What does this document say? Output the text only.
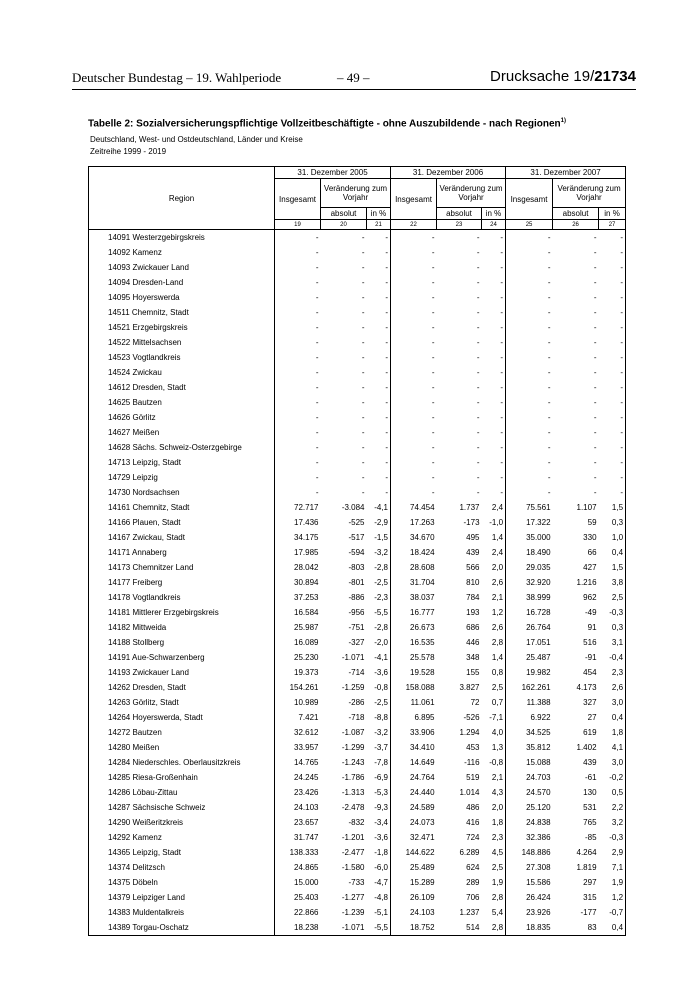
Deutscher Bundestag – 19. Wahlperiode	– 49 –	Drucksache 19/21734
Tabelle 2: Sozialversicherungspflichtige Vollzeitbeschäftigte - ohne Auszubildende - nach Regionen$^{1)}$
Deutschland, West- und Ostdeutschland, Länder und Kreise
Zeitreihe 1999 - 2019
Region	31. Dezember 2005			31. Dezember 2006			31. Dezember 2007		
	Insgesamt	Veränderung zum Vorjahr		Insgesamt	Veränderung zum Vorjahr		Insgesamt	Veränderung zum Vorjahr	
		absolut	in %		absolut	in %		absolut	in %
	19	20	21	22	23	24	25	26	27
14091 Westerzgebirgskreis	-	-	-	-	-	-	-	-	-
14092 Kamenz	-	-	-	-	-	-	-	-	-
14093 Zwickauer Land	-	-	-	-	-	-	-	-	-
14094 Dresden-Land	-	-	-	-	-	-	-	-	-
14095 Hoyerswerda	-	-	-	-	-	-	-	-	-
14511 Chemnitz, Stadt	-	-	-	-	-	-	-	-	-
14521 Erzgebirgskreis	-	-	-	-	-	-	-	-	-
14522 Mittelsachsen	-	-	-	-	-	-	-	-	-
14523 Vogtlandkreis	-	-	-	-	-	-	-	-	-
14524 Zwickau	-	-	-	-	-	-	-	-	-
14612 Dresden, Stadt	-	-	-	-	-	-	-	-	-
14625 Bautzen	-	-	-	-	-	-	-	-	-
14626 Görlitz	-	-	-	-	-	-	-	-	-
14627 Meißen	-	-	-	-	-	-	-	-	-
14628 Sächs. Schweiz-Osterzgebirge	-	-	-	-	-	-	-	-	-
14713 Leipzig, Stadt	-	-	-	-	-	-	-	-	-
14729 Leipzig	-	-	-	-	-	-	-	-	-
14730 Nordsachsen	-	-	-	-	-	-	-	-	-
14161 Chemnitz, Stadt	72.717	-3.084	-4,1	74.454	1.737	2,4	75.561	1.107	1,5
14166 Plauen, Stadt	17.436	-525	-2,9	17.263	-173	-1,0	17.322	59	0,3
14167 Zwickau, Stadt	34.175	-517	-1,5	34.670	495	1,4	35.000	330	1,0
14171 Annaberg	17.985	-594	-3,2	18.424	439	2,4	18.490	66	0,4
14173 Chemnitzer Land	28.042	-803	-2,8	28.608	566	2,0	29.035	427	1,5
14177 Freiberg	30.894	-801	-2,5	31.704	810	2,6	32.920	1.216	3,8
14178 Vogtlandkreis	37.253	-886	-2,3	38.037	784	2,1	38.999	962	2,5
14181 Mittlerer Erzgebirgskreis	16.584	-956	-5,5	16.777	193	1,2	16.728	-49	-0,3
14182 Mittweida	25.987	-751	-2,8	26.673	686	2,6	26.764	91	0,3
14188 Stollberg	16.089	-327	-2,0	16.535	446	2,8	17.051	516	3,1
14191 Aue-Schwarzenberg	25.230	-1.071	-4,1	25.578	348	1,4	25.487	-91	-0,4
14193 Zwickauer Land	19.373	-714	-3,6	19.528	155	0,8	19.982	454	2,3
14262 Dresden, Stadt	154.261	-1.259	-0,8	158.088	3.827	2,5	162.261	4.173	2,6
14263 Görlitz, Stadt	10.989	-286	-2,5	11.061	72	0,7	11.388	327	3,0
14264 Hoyerswerda, Stadt	7.421	-718	-8,8	6.895	-526	-7,1	6.922	27	0,4
14272 Bautzen	32.612	-1.087	-3,2	33.906	1.294	4,0	34.525	619	1,8
14280 Meißen	33.957	-1.299	-3,7	34.410	453	1,3	35.812	1.402	4,1
14284 Niederschles. Oberlausitzkreis	14.765	-1.243	-7,8	14.649	-116	-0,8	15.088	439	3,0
14285 Riesa-Großenhain	24.245	-1.786	-6,9	24.764	519	2,1	24.703	-61	-0,2
14286 Löbau-Zittau	23.426	-1.313	-5,3	24.440	1.014	4,3	24.570	130	0,5
14287 Sächsische Schweiz	24.103	-2.478	-9,3	24.589	486	2,0	25.120	531	2,2
14290 Weißeritzkreis	23.657	-832	-3,4	24.073	416	1,8	24.838	765	3,2
14292 Kamenz	31.747	-1.201	-3,6	32.471	724	2,3	32.386	-85	-0,3
14365 Leipzig, Stadt	138.333	-2.477	-1,8	144.622	6.289	4,5	148.886	4.264	2,9
14374 Delitzsch	24.865	-1.580	-6,0	25.489	624	2,5	27.308	1.819	7,1
14375 Döbeln	15.000	-733	-4,7	15.289	289	1,9	15.586	297	1,9
14379 Leipziger Land	25.403	-1.277	-4,8	26.109	706	2,8	26.424	315	1,2
14383 Muldentalkreis	22.866	-1.239	-5,1	24.103	1.237	5,4	23.926	-177	-0,7
14389 Torgau-Oschatz	18.238	-1.071	-5,5	18.752	514	2,8	18.835	83	0,4
